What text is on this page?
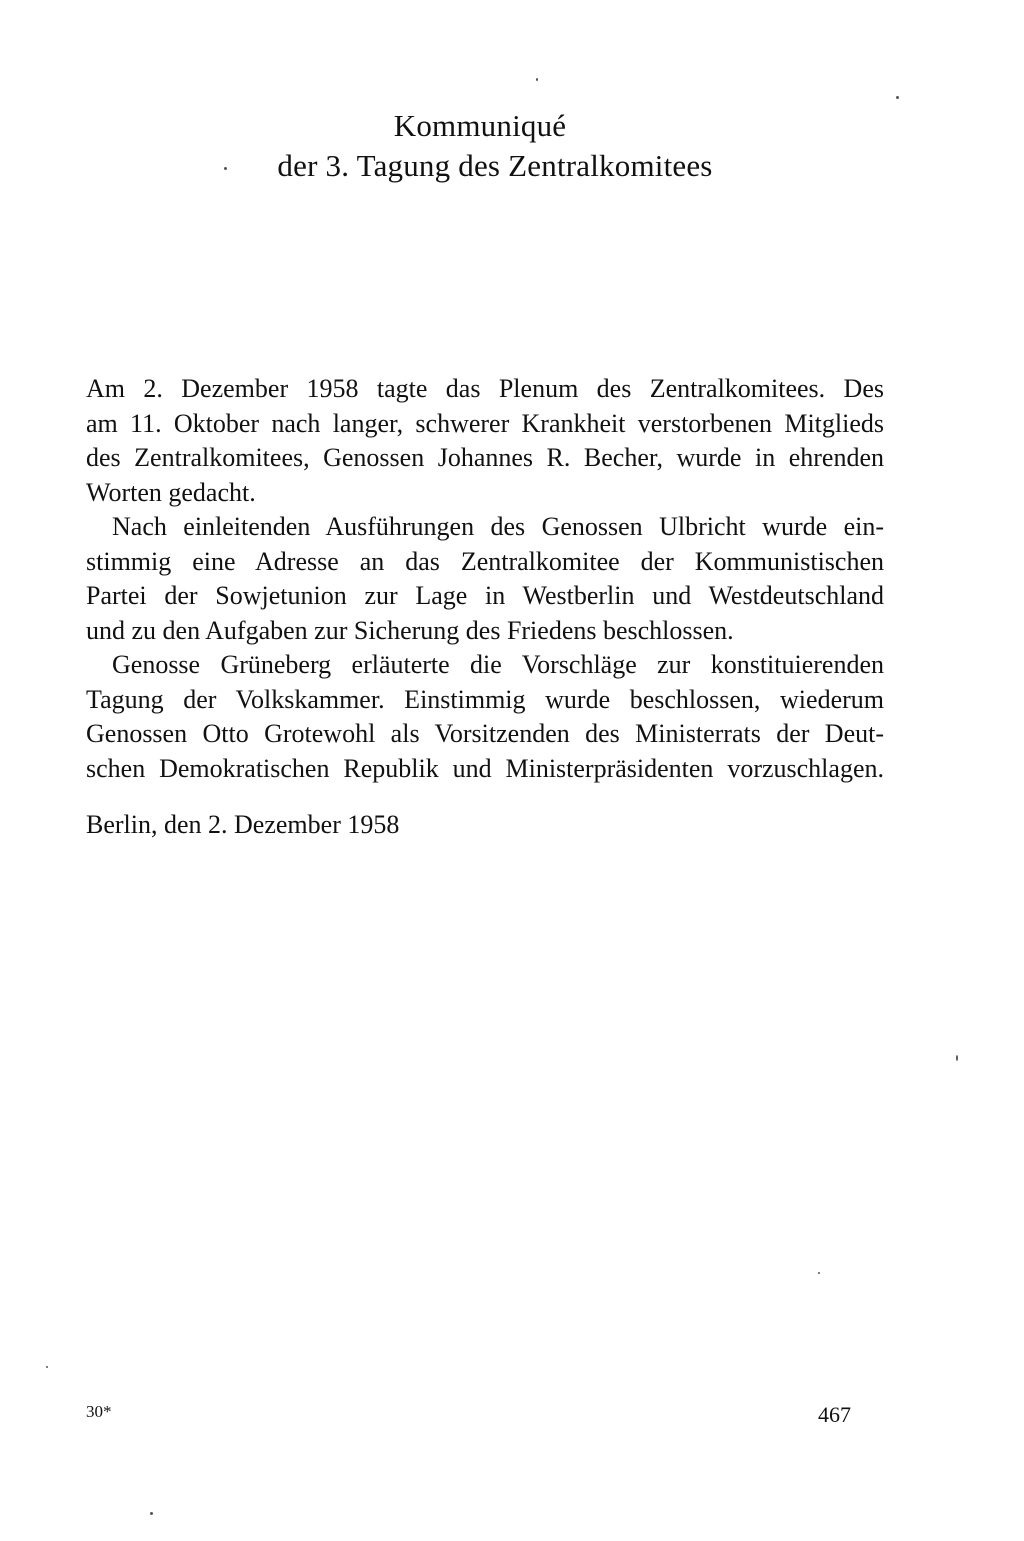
Kommuniqué
der 3. Tagung des Zentralkomitees

Am 2. Dezember 1958 tagte das Plenum des Zentralkomitees. Des
am 11. Oktober nach langer, schwerer Krankheit verstorbenen Mitglieds
des Zentralkomitees, Genossen Johannes R. Becher, wurde in ehrenden
Worten gedacht.

Nach einleitenden Ausführungen des Genossen Ulbricht wurde ein-
stimmig eine Adresse an das Zentralkomitee der Kommunistischen
Partei der Sowjetunion zur Lage in Westberlin und Westdeutschland
und zu den Aufgaben zur Sicherung des Friedens beschlossen.

Genosse Grüneberg erläuterte die Vorschläge zur konstituierenden
Tagung der Volkskammer. Einstimmig wurde beschlossen, wiederum
Genossen Otto Grotewohl als Vorsitzenden des Ministerrats der Deut-
schen Demokratischen Republik und Ministerpräsidenten vorzuschlagen.

Berlin, den 2. Dezember 1958
30*	467
